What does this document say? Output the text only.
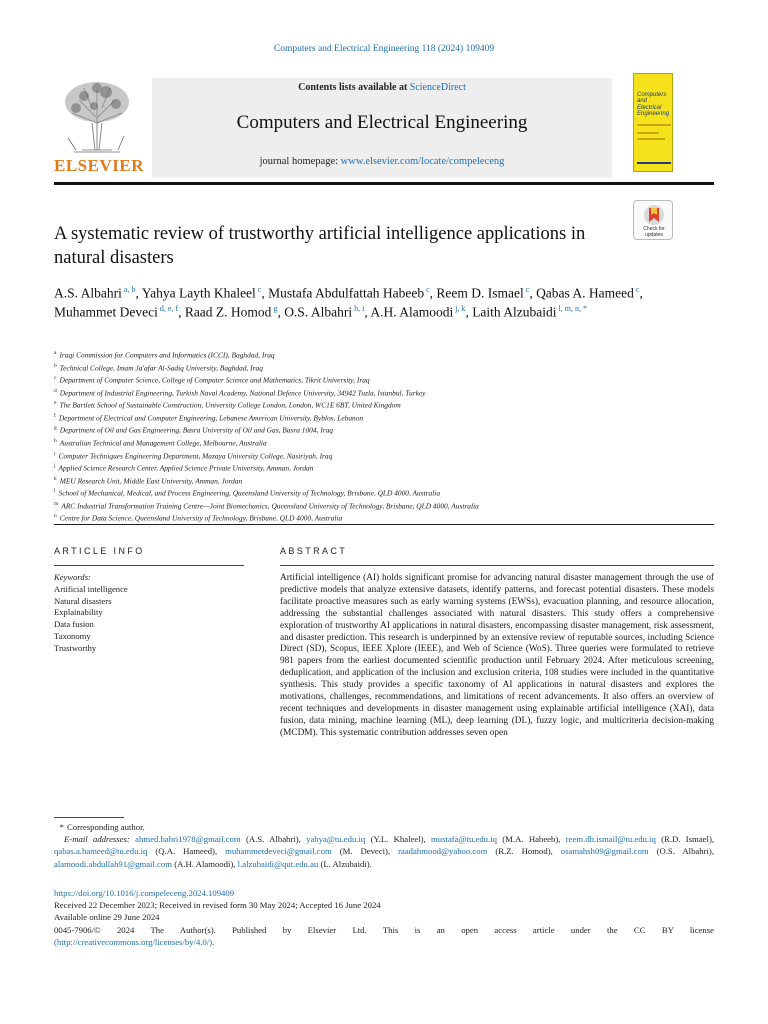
Computers and Electrical Engineering 118 (2024) 109409
ELSEVIER
Contents lists available at ScienceDirect
Computers and Electrical Engineering
journal homepage: www.elsevier.com/locate/compeleceng
Computers and
Electrical Engineering
Check for
updates
A systematic review of trustworthy artificial intelligence applications in natural disasters
A.S. Albahri $^{a, b}$, Yahya Layth Khaleel $^c$, Mustafa Abdulfattah Habeeb $^c$, Reem D. Ismael $^c$, Qabas A. Hameed $^c$, Muhammet Deveci $^{d, e, f}$, Raad Z. Homod $^g$, O.S. Albahri $^{h, i}$, A.H. Alamoodi $^{j, k}$, Laith Alzubaidi $^{l, m, n, *}$
$^a$ Iraqi Commission for Computers and Informatics (ICCI), Baghdad, Iraq
$^b$ Technical College, Imam Ja'afar Al-Sadiq University, Baghdad, Iraq
$^c$ Department of Computer Science, College of Computer Science and Mathematics, Tikrit University, Iraq
$^d$ Department of Industrial Engineering, Turkish Naval Academy, National Defence University, 34942 Tuzla, Istanbul, Turkey
$^e$ The Bartlett School of Sustainable Construction, University College London, London, WC1E 6BT, United Kingdom
$^f$ Department of Electrical and Computer Engineering, Lebanese American University, Byblos, Lebanon
$^g$ Department of Oil and Gas Engineering, Basra University of Oil and Gas, Basra 1004, Iraq
$^h$ Australian Technical and Management College, Melbourne, Australia
$^i$ Computer Techniques Engineering Department, Mazaya University College, Nasiriyah, Iraq
$^j$ Applied Science Research Center, Applied Science Private University, Amman, Jordan
$^k$ MEU Research Unit, Middle East University, Amman, Jordan
$^l$ School of Mechanical, Medical, and Process Engineering, Queensland University of Technology, Brisbane, QLD 4000, Australia
$^m$ ARC Industrial Transformation Training Centre—Joint Biomechanics, Queensland University of Technology, Brisbane, QLD 4000, Australia
$^n$ Centre for Data Science, Queensland University of Technology, Brisbane, QLD 4000, Australia
ARTICLE INFO	ABSTRACT
Keywords:
Artificial intelligence
Natural disasters
Explainability
Data fusion
Taxonomy
Trustworthy
Artificial intelligence (AI) holds significant promise for advancing natural disaster management through the use of predictive models that analyze extensive datasets, identify patterns, and forecast potential disasters. These models facilitate proactive measures such as early warning systems (EWSs), evacuation planning, and resource allocation, addressing the substantial challenges associated with natural disasters. This study offers a comprehensive exploration of trustworthy AI applications in natural disasters, encompassing disaster management, risk assessment, and disaster prediction. This research is underpinned by an extensive review of reputable sources, including Science Direct (SD), Scopus, IEEE Xplore (IEEE), and Web of Science (WoS). Three queries were formulated to retrieve 981 papers from the earliest documented scientific production until February 2024. After meticulous screening, deduplication, and application of the inclusion and exclusion criteria, 108 studies were included in the quantitative synthesis. This study provides a specific taxonomy of AI applications in natural disasters and explores the motivations, challenges, recommendations, and limitations of recent advancements. It also offers an overview of recent techniques and developments in disaster management using explainable artificial intelligence (XAI), data fusion, data mining, machine learning (ML), deep learning (DL), fuzzy logic, and multicriteria decision-making (MCDM). This systematic contribution addresses seven open
* Corresponding author.
E-mail addresses: ahmed.bahri1978@gmail.com (A.S. Albahri), yahya@tu.edu.iq (Y.L. Khaleel), mustafa@tu.edu.iq (M.A. Habeeb), reem.dh.ismail@tu.edu.iq (R.D. Ismael), qabas.a.hameed@tu.edu.iq (Q.A. Hameed), muhammetdeveci@gmail.com (M. Deveci), raadahmood@yahoo.com (R.Z. Homod), osamahsh09@gmail.com (O.S. Albahri), alamoodi.abdullah91@gmail.com (A.H. Alamoodi), l.alzubaidi@qut.edu.au (L. Alzubaidi).
https://doi.org/10.1016/j.compeleceng.2024.109409
Received 22 December 2023; Received in revised form 30 May 2024; Accepted 16 June 2024
Available online 29 June 2024
0045-7906/© 2024 The Author(s). Published by Elsevier Ltd. This is an open access article under the CC BY license
(http://creativecommons.org/licenses/by/4.0/).
